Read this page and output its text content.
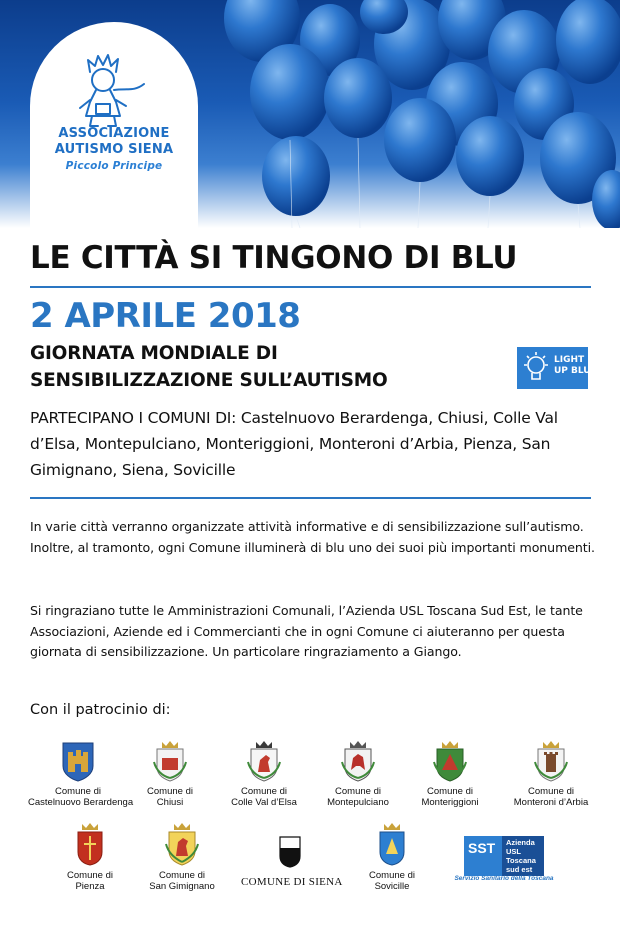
ASSOCIAZIONE
AUTISMO SIENA
Piccolo Principe
LE CITTÀ SI TINGONO DI BLU
2 APRILE 2018
GIORNATA MONDIALE DI
SENSIBILIZZAZIONE SULL’AUTISMO
LIGHT IT
UP BLUE
PARTECIPANO I COMUNI DI: Castelnuovo Berardenga, Chiusi, Colle Val d’Elsa, Montepulciano, Monteriggioni, Monteroni d’Arbia, Pienza, San Gimignano, Siena, Sovicille
In varie città verranno organizzate attività informative e di sensibilizzazione sull’autismo. Inoltre, al tramonto, ogni Comune illuminerà di blu uno dei suoi più importanti monumenti.
Si ringraziano tutte le Amministrazioni Comunali, l’Azienda USL Toscana Sud Est, le tante Associazioni, Aziende ed i Commercianti che in ogni Comune ci aiuteranno per questa giornata di sensibilizzazione. Un particolare ringraziamento a Giango.
Con il patrocinio di:
Comune di
Castelnuovo Berardenga
Comune di
Chiusi
Comune di
Colle Val d’Elsa
Comune di
Montepulciano
Comune di
Monteriggioni
Comune di
Monteroni d’Arbia
Comune di
Pienza
Comune di
San Gimignano	COMUNE DI SIENA
Comune di
Sovicille
SST Azienda
USL
Toscana
sud est
Servizio Sanitario della Toscana
